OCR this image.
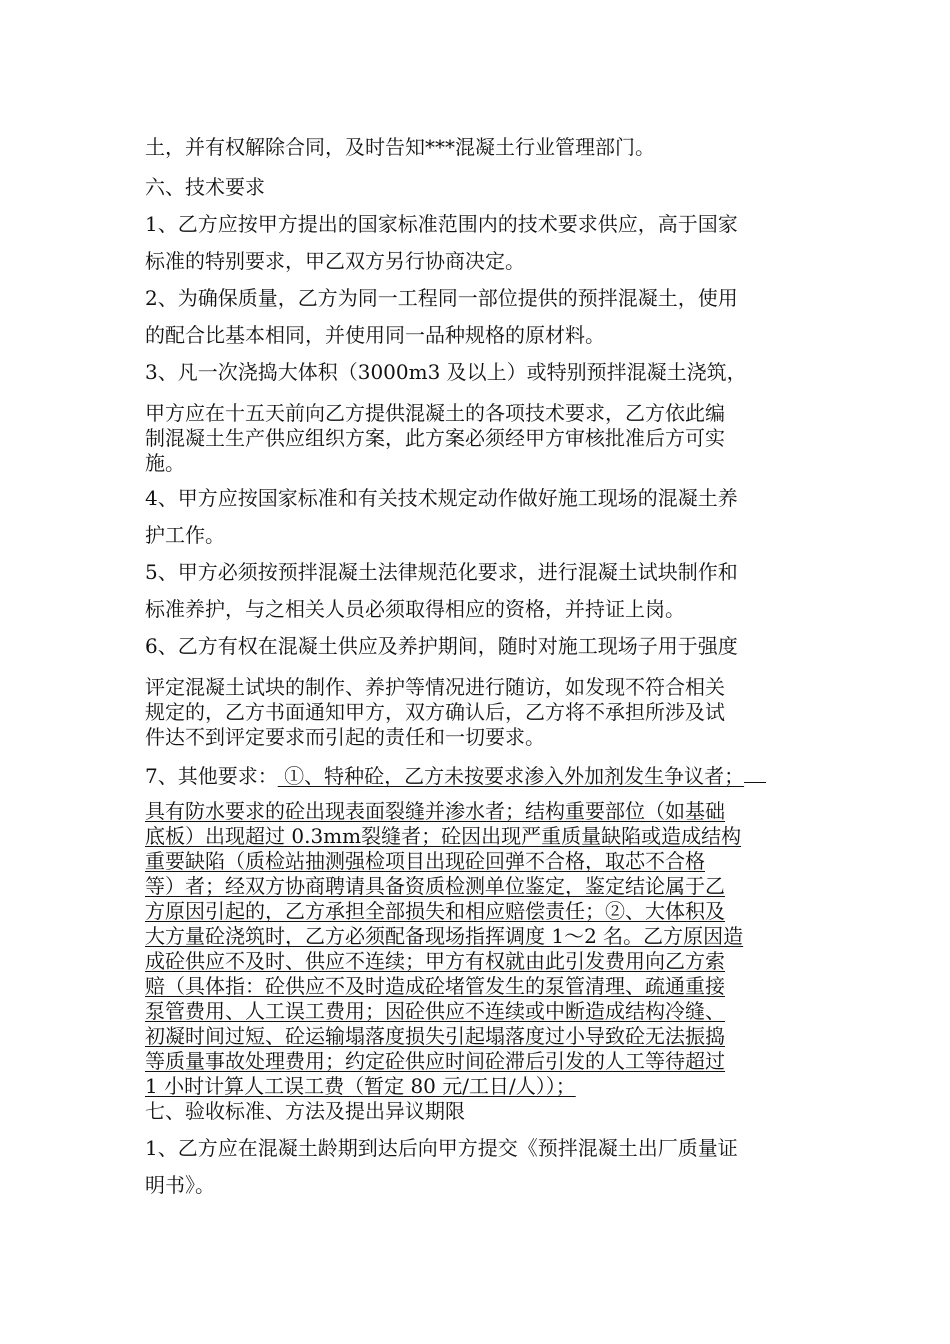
土，并有权解除合同，及时告知***混凝土行业管理部门。
六、技术要求
1、乙方应按甲方提出的国家标准范围内的技术要求供应，高于国家
标准的特别要求，甲乙双方另行协商决定。
2、为确保质量，乙方为同一工程同一部位提供的预拌混凝土，使用
的配合比基本相同，并使用同一品种规格的原材料。
3、凡一次浇捣大体积（3000m3 及以上）或特别预拌混凝土浇筑，
甲方应在十五天前向乙方提供混凝土的各项技术要求，乙方依此编
制混凝土生产供应组织方案，此方案必须经甲方审核批准后方可实
施。
4、甲方应按国家标准和有关技术规定动作做好施工现场的混凝土养
护工作。
5、甲方必须按预拌混凝土法律规范化要求，进行混凝土试块制作和
标准养护，与之相关人员必须取得相应的资格，并持证上岗。
6、乙方有权在混凝土供应及养护期间，随时对施工现场子用于强度
评定混凝土试块的制作、养护等情况进行随访，如发现不符合相关
规定的，乙方书面通知甲方，双方确认后，乙方将不承担所涉及试
件达不到评定要求而引起的责任和一切要求。
7、其他要求： ①、特种砼，乙方未按要求渗入外加剂发生争议者；
具有防水要求的砼出现表面裂缝并渗水者；结构重要部位（如基础
底板）出现超过 0.3mm裂缝者；砼因出现严重质量缺陷或造成结构
重要缺陷（质检站抽测强检项目出现砼回弹不合格，取芯不合格
等）者；经双方协商聘请具备资质检测单位鉴定，鉴定结论属于乙
方原因引起的，乙方承担全部损失和相应赔偿责任；②、大体积及
大方量砼浇筑时，乙方必须配备现场指挥调度 1～2 名。乙方原因造
成砼供应不及时、供应不连续；甲方有权就由此引发费用向乙方索
赔（具体指：砼供应不及时造成砼堵管发生的泵管清理、疏通重接
泵管费用、人工误工费用；因砼供应不连续或中断造成结构冷缝、
初凝时间过短、砼运输塌落度损失引起塌落度过小导致砼无法振捣
等质量事故处理费用；约定砼供应时间砼滞后引发的人工等待超过
1 小时计算人工误工费（暂定 80 元/工日/人））；
七、验收标准、方法及提出异议期限
1、乙方应在混凝土龄期到达后向甲方提交《预拌混凝土出厂质量证
明书》。
